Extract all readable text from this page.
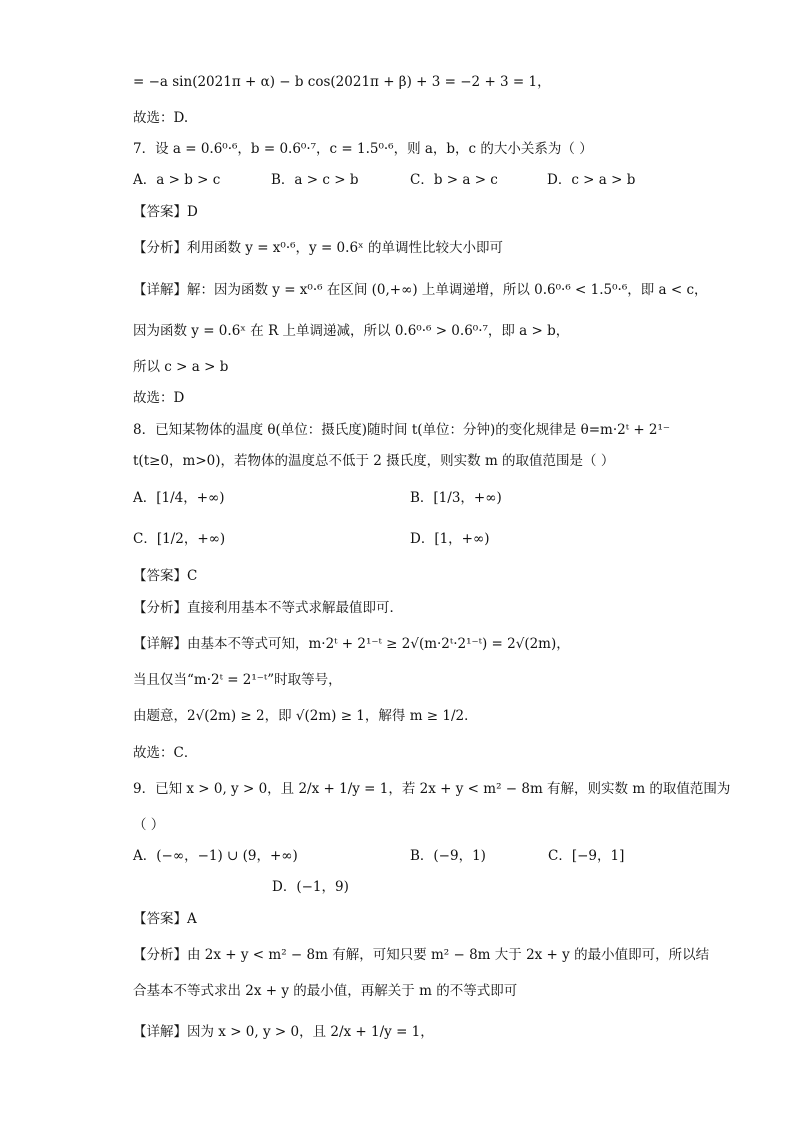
= −a sin(2021π + α) − b cos(2021π + β) + 3 = −2 + 3 = 1，
故选：D.
7．设 a = 0.6⁰·⁶，b = 0.6⁰·⁷，c = 1.5⁰·⁶，则 a，b，c 的大小关系为（ ）
A．a > b > c	B．a > c > b	C．b > a > c	D．c > a > b
【答案】D
【分析】利用函数 y = x⁰·⁶，y = 0.6ˣ 的单调性比较大小即可
【详解】解：因为函数 y = x⁰·⁶ 在区间 (0,+∞) 上单调递增，所以 0.6⁰·⁶ < 1.5⁰·⁶，即 a < c，
因为函数 y = 0.6ˣ 在 R 上单调递减，所以 0.6⁰·⁶ > 0.6⁰·⁷，即 a > b，
所以 c > a > b
故选：D
8．已知某物体的温度 θ(单位：摄氏度)随时间 t(单位：分钟)的变化规律是 θ=m·2ᵗ + 2¹⁻
t(t≥0，m>0)，若物体的温度总不低于 2 摄氏度，则实数 m 的取值范围是（ ）
A．[1/4，+∞)	B．[1/3，+∞)
C．[1/2，+∞)	D．[1，+∞)
【答案】C
【分析】直接利用基本不等式求解最值即可．
【详解】由基本不等式可知，m·2ᵗ + 2¹⁻ᵗ ≥ 2√(m·2ᵗ·2¹⁻ᵗ) = 2√(2m)，
当且仅当“m·2ᵗ = 2¹⁻ᵗ”时取等号，
由题意，2√(2m) ≥ 2，即 √(2m) ≥ 1，解得 m ≥ 1/2．
故选：C．
9．已知 x > 0, y > 0，且 2/x + 1/y = 1，若 2x + y < m² − 8m 有解，则实数 m 的取值范围为
（ ）
A．(−∞，−1) ∪ (9，+∞)	B．(−9，1)	C．[−9，1]
D．(−1，9)
【答案】A
【分析】由 2x + y < m² − 8m 有解，可知只要 m² − 8m 大于 2x + y 的最小值即可，所以结
合基本不等式求出 2x + y 的最小值，再解关于 m 的不等式即可
【详解】因为 x > 0, y > 0，且 2/x + 1/y = 1，
